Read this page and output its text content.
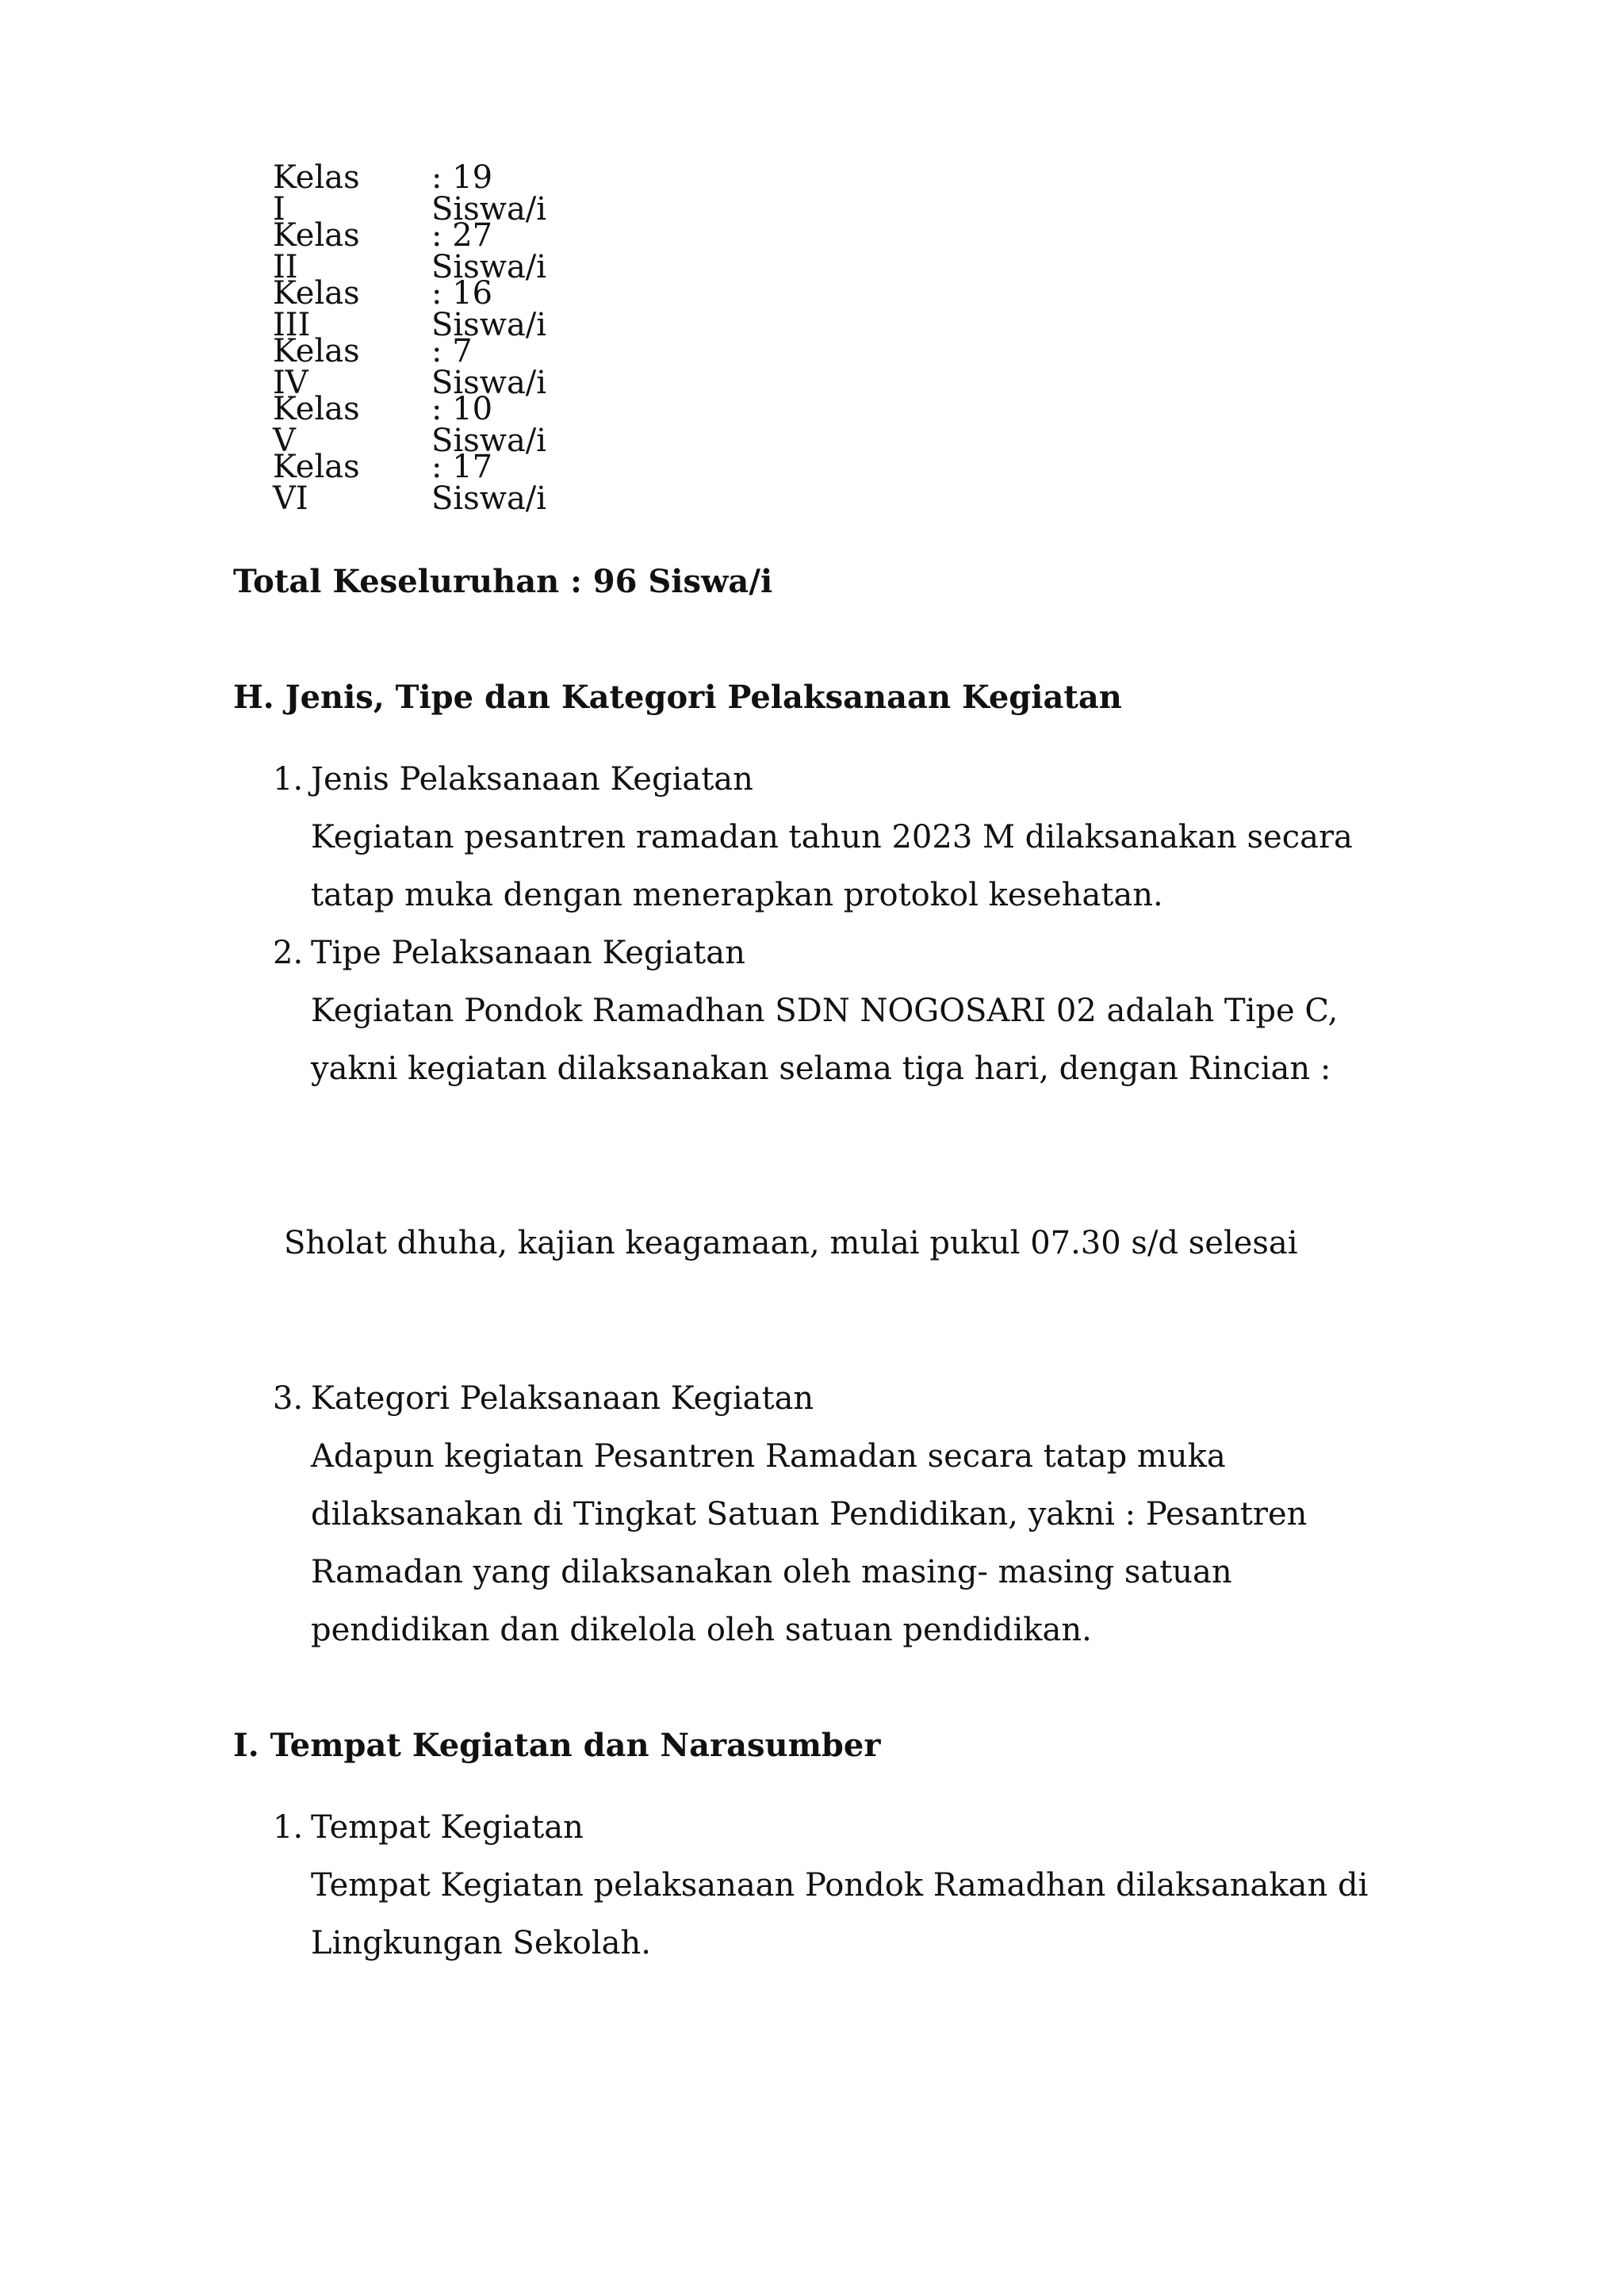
Kelas I
: 19 Siswa/i
Kelas II
: 27 Siswa/i
Kelas III
: 16 Siswa/i
Kelas IV
: 7 Siswa/i
Kelas V
: 10 Siswa/i
Kelas VI
: 17 Siswa/i
Total Keseluruhan : 96 Siswa/i
H. Jenis, Tipe dan Kategori Pelaksanaan Kegiatan
1. Jenis Pelaksanaan Kegiatan
Kegiatan pesantren ramadan tahun 2023 M dilaksanakan secara
tatap muka dengan menerapkan protokol kesehatan.
2. Tipe Pelaksanaan Kegiatan
Kegiatan Pondok Ramadhan SDN NOGOSARI 02 adalah Tipe C,
yakni kegiatan dilaksanakan selama tiga hari, dengan Rincian :
Sholat dhuha, kajian keagamaan, mulai pukul 07.30 s/d selesai
3. Kategori Pelaksanaan Kegiatan
Adapun kegiatan Pesantren Ramadan secara tatap muka
dilaksanakan di Tingkat Satuan Pendidikan, yakni : Pesantren
Ramadan yang dilaksanakan oleh masing- masing satuan
pendidikan dan dikelola oleh satuan pendidikan.
I. Tempat Kegiatan dan Narasumber
1. Tempat Kegiatan
Tempat Kegiatan pelaksanaan Pondok Ramadhan dilaksanakan di
Lingkungan Sekolah.
